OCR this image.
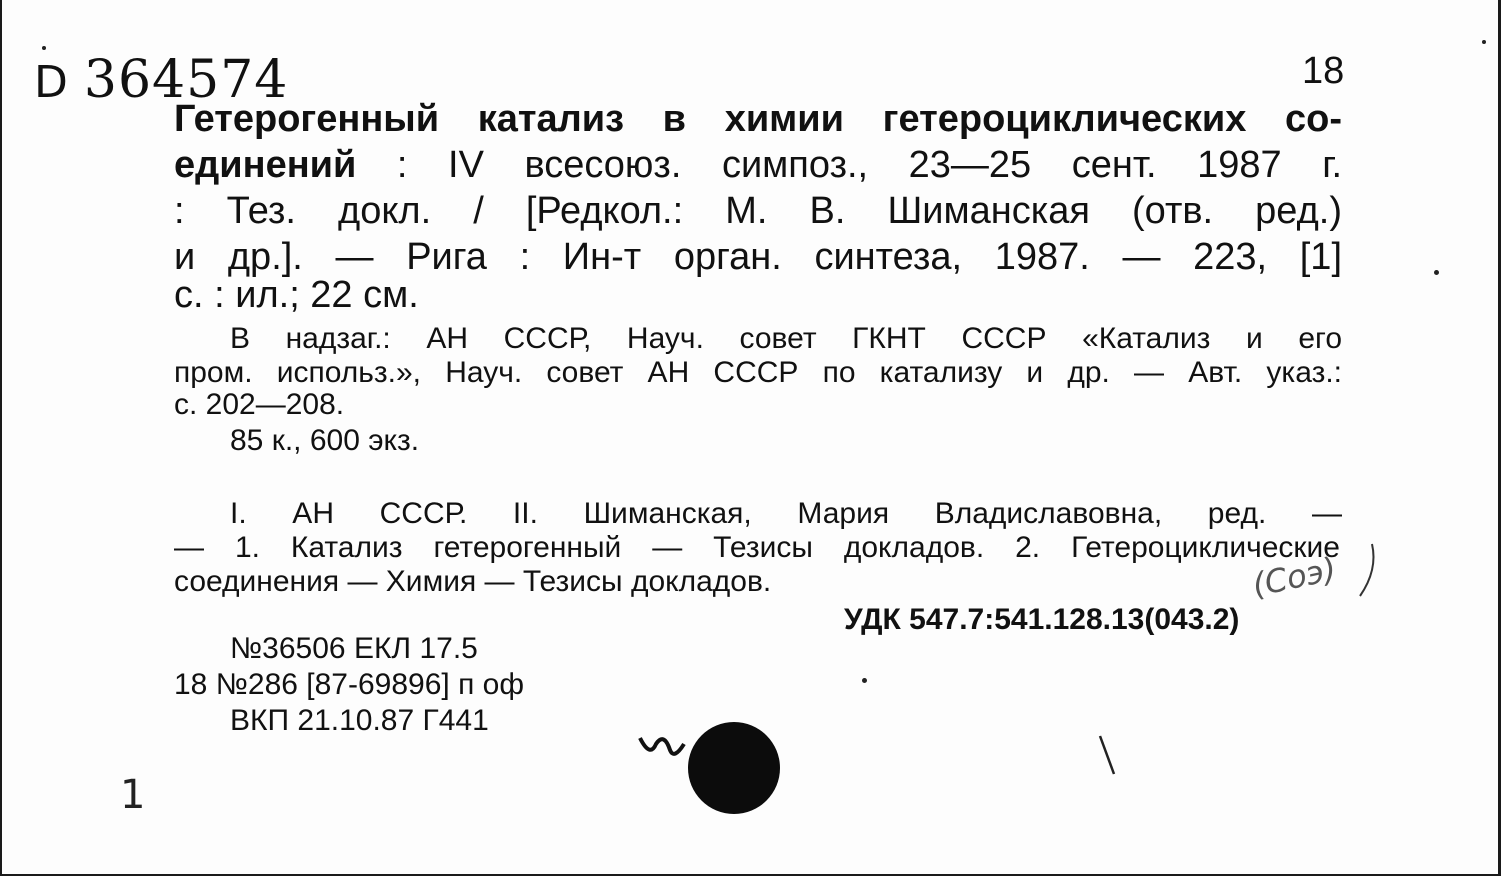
D 364574	18
Гетерогенный катализ в химии гетероциклических со-
единений : IV всесоюз. симпоз., 23—25 сент. 1987 г.
: Тез. докл. / [Редкол.: М. В. Шиманская (отв. ред.)
и др.]. — Рига : Ин-т орган. синтеза, 1987. — 223, [1]
с. : ил.; 22 см.
В надзаг.: АН СССР, Науч. совет ГКНТ СССР «Катализ и его
пром. использ.», Науч. совет АН СССР по катализу и др. — Авт. указ.:
с. 202—208.
85 к., 600 экз.
I. АН СССР. II. Шиманская, Мария Владиславовна, ред. —
— 1. Катализ гетерогенный — Тезисы докладов. 2. Гетероциклические
соединения — Химия — Тезисы докладов.
УДК 547.7:541.128.13(043.2)
№36506 ЕКЛ 17.5
18 №286 [87-69896] п оф
ВКП 21.10.87 Г441
1
(Соэ)
